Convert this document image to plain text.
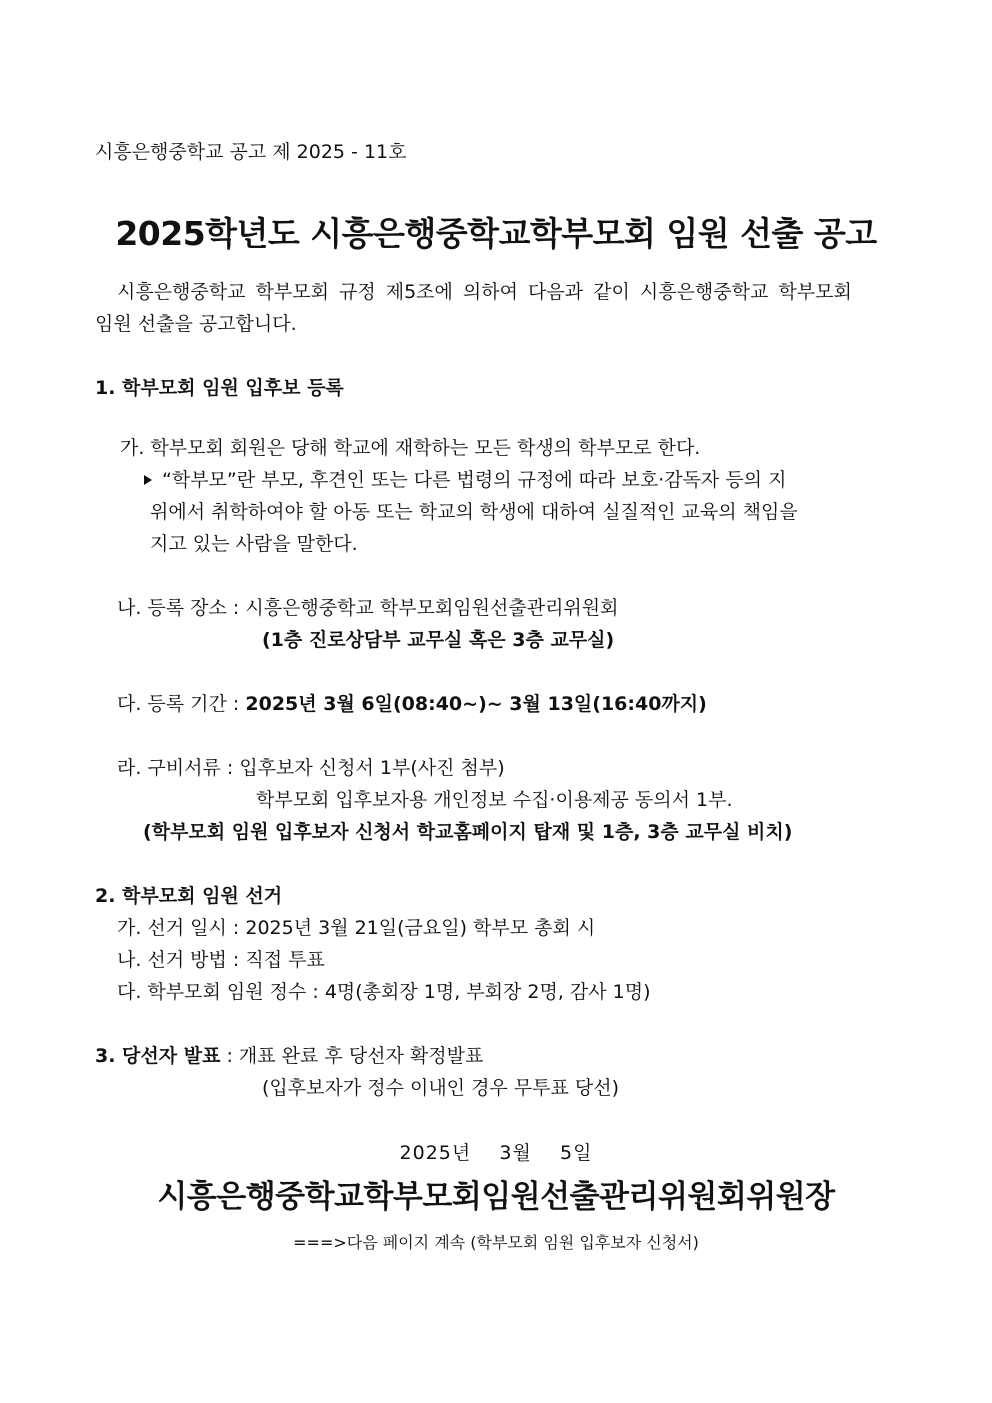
시흥은행중학교 공고 제 2025 - 11호
2025학년도 시흥은행중학교학부모회 임원 선출 공고
시흥은행중학교 학부모회 규정 제5조에 의하여 다음과 같이 시흥은행중학교 학부모회
임원 선출을 공고합니다.
1. 학부모회 임원 입후보 등록
가. 학부모회 회원은 당해 학교에 재학하는 모든 학생의 학부모로 한다.
“학부모”란 부모, 후견인 또는 다른 법령의 규정에 따라 보호·감독자 등의 지
위에서 취학하여야 할 아동 또는 학교의 학생에 대하여 실질적인 교육의 책임을
지고 있는 사람을 말한다.
나. 등록 장소 : 시흥은행중학교 학부모회임원선출관리위원회
(1층 진로상담부 교무실 혹은 3층 교무실)
다. 등록 기간 : 2025년 3월 6일(08:40~)~ 3월 13일(16:40까지)
라. 구비서류 : 입후보자 신청서 1부(사진 첨부)
학부모회 입후보자용 개인정보 수집·이용제공 동의서 1부.
(학부모회 임원 입후보자 신청서 학교홈페이지 탑재 및 1층, 3층 교무실 비치)
2. 학부모회 임원 선거
가. 선거 일시 : 2025년 3월 21일(금요일) 학부모 총회 시
나. 선거 방법 : 직접 투표
다. 학부모회 임원 정수 : 4명(총회장 1명, 부회장 2명, 감사 1명)
3. 당선자 발표 : 개표 완료 후 당선자 확정발표
(입후보자가 정수 이내인 경우 무투표 당선)
2025년    3월    5일
시흥은행중학교학부모회임원선출관리위원회위원장
===>다음 페이지 계속 (학부모회 임원 입후보자 신청서)
